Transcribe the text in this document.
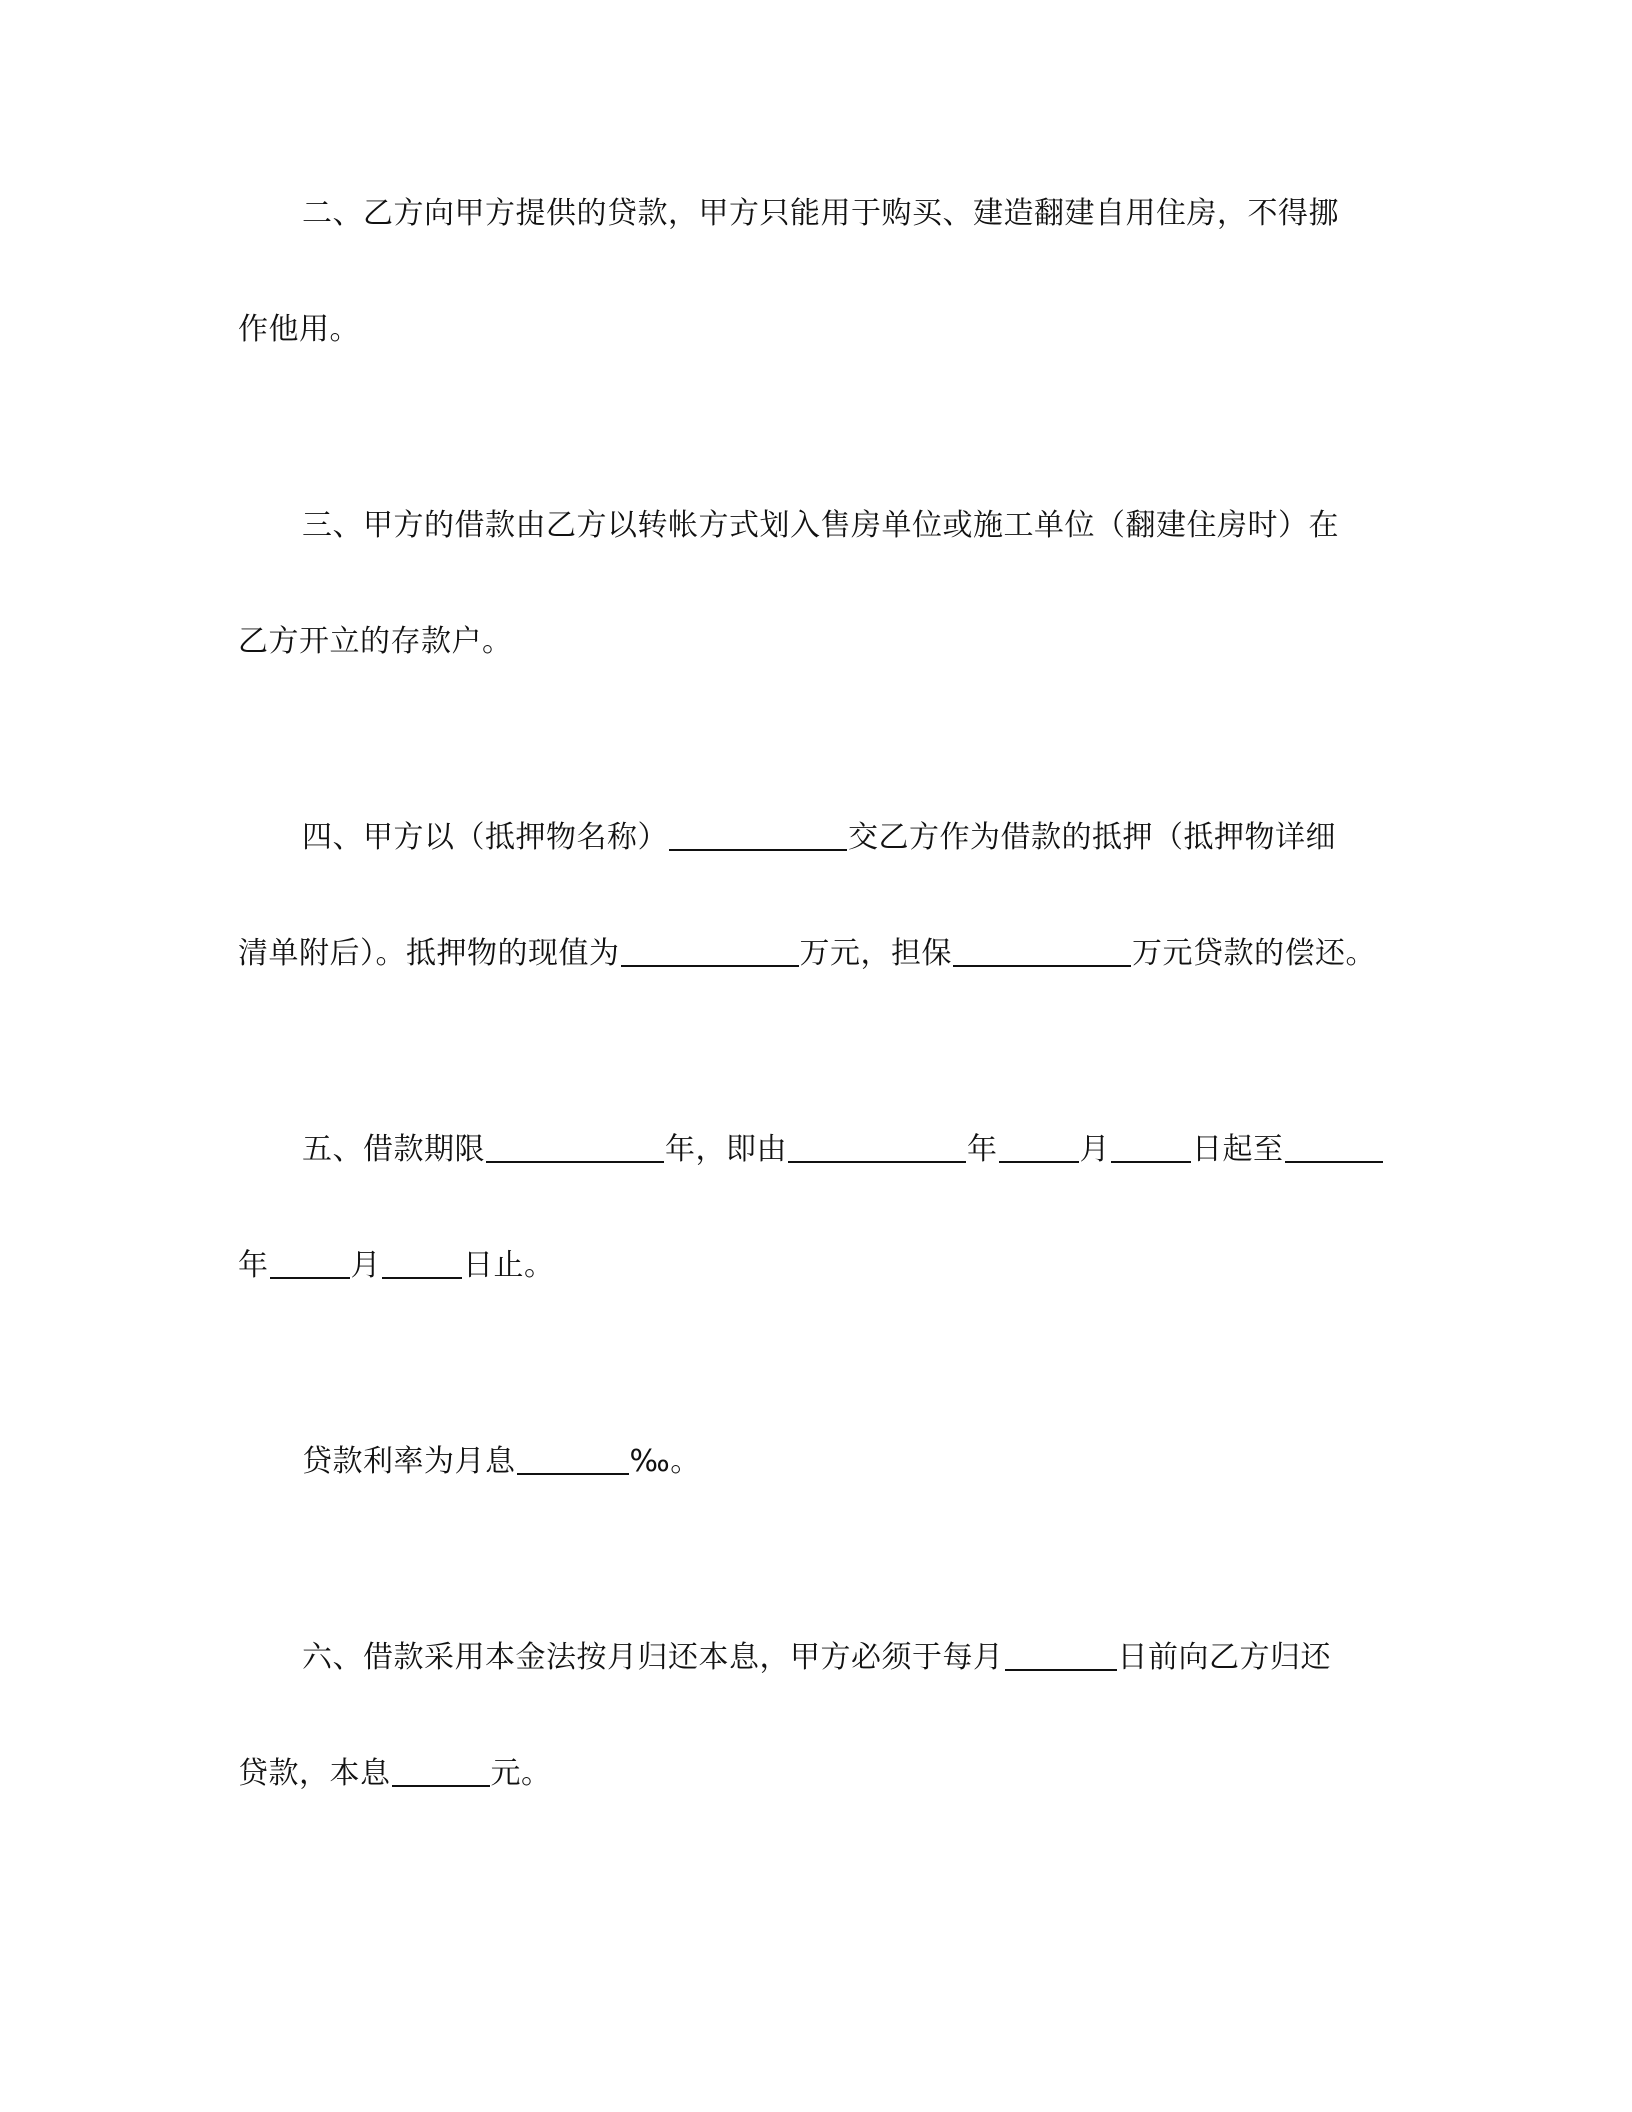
二、乙方向甲方提供的贷款，甲方只能用于购买、建造翻建自用住房，不得挪
作他用。
三、甲方的借款由乙方以转帐方式划入售房单位或施工单位（翻建住房时）在
乙方开立的存款户。
四、甲方以（抵押物名称）	交乙方作为借款的抵押（抵押物详细
清单附后）。抵押物的现值为	万元，担保	万元贷款的偿还。
五、借款期限	年，即由	年	月	日起至
年	月	日止。
贷款利率为月息	‰。
六、借款采用本金法按月归还本息，甲方必须于每月	日前向乙方归还
贷款，本息	元。
